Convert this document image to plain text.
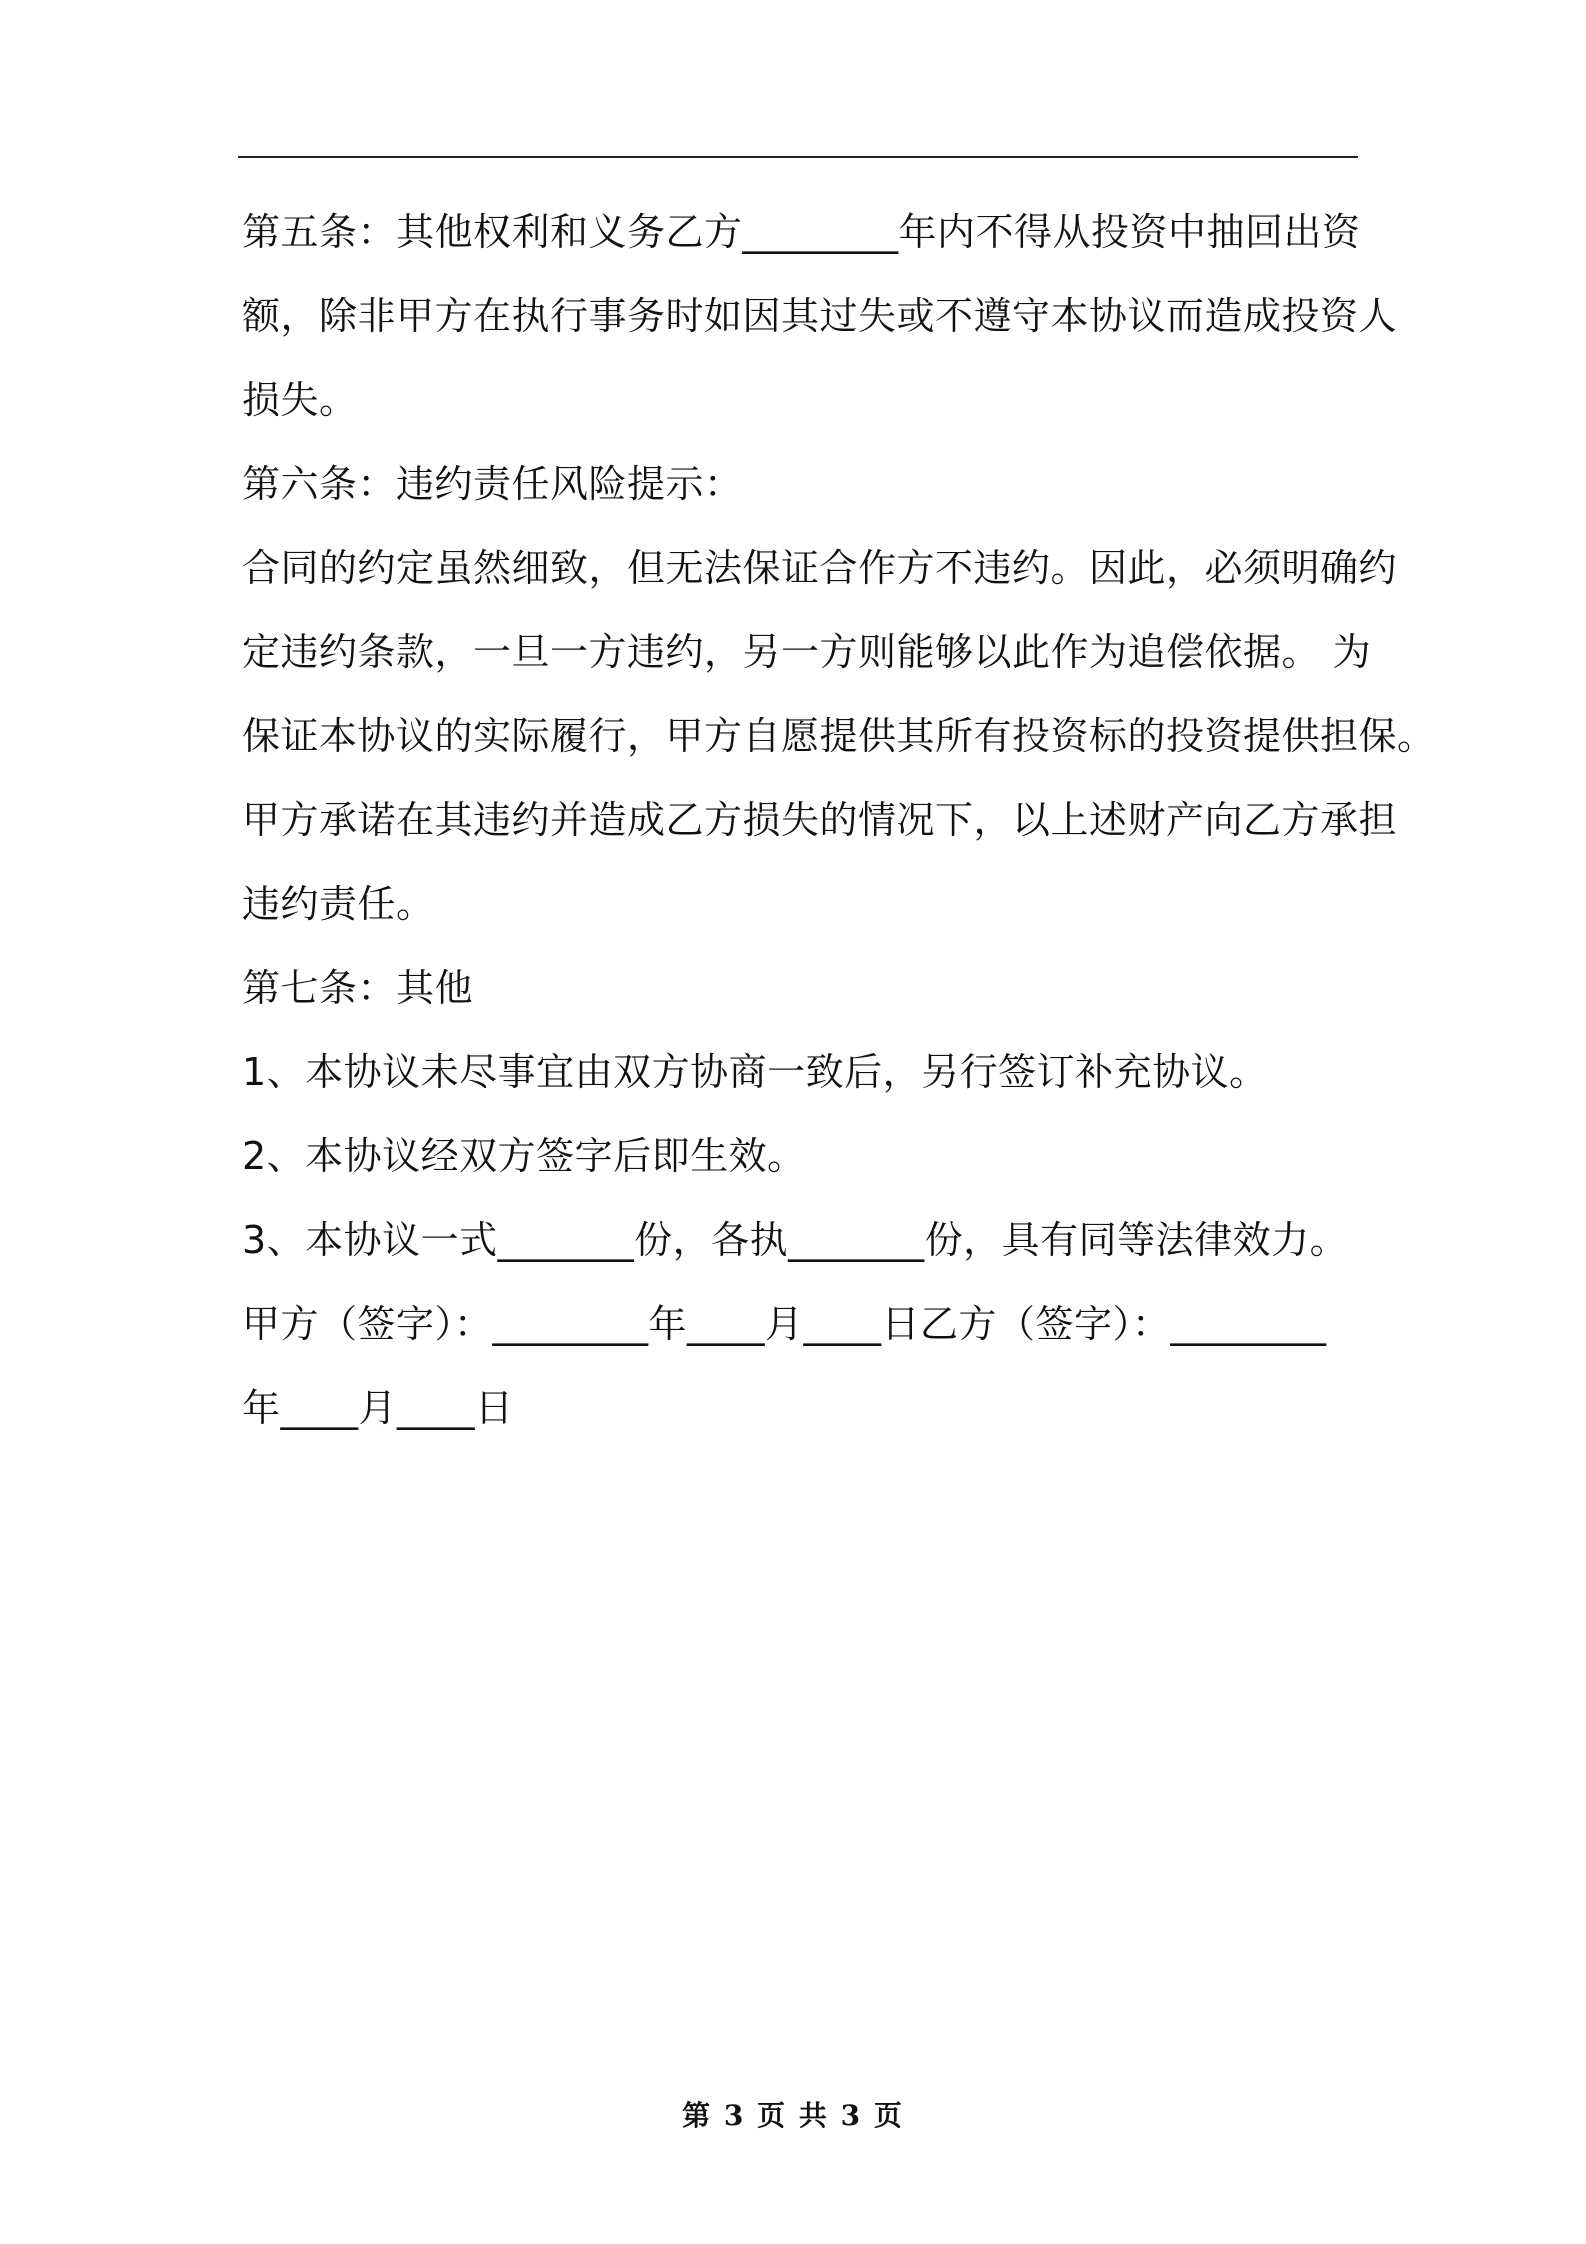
第五条：其他权利和义务乙方________年内不得从投资中抽回出资
额，除非甲方在执行事务时如因其过失或不遵守本协议而造成投资人
损失。
第六条：违约责任风险提示：
合同的约定虽然细致，但无法保证合作方不违约。因此，必须明确约
定违约条款，一旦一方违约，另一方则能够以此作为追偿依据。 为
保证本协议的实际履行，甲方自愿提供其所有投资标的投资提供担保。
甲方承诺在其违约并造成乙方损失的情况下，以上述财产向乙方承担
违约责任。
第七条：其他
1、本协议未尽事宜由双方协商一致后，另行签订补充协议。
2、本协议经双方签字后即生效。
3、本协议一式_______份，各执_______份，具有同等法律效力。
甲方（签字）：________年____月____日乙方（签字）：________
年____月____日
第 3 页 共 3 页
